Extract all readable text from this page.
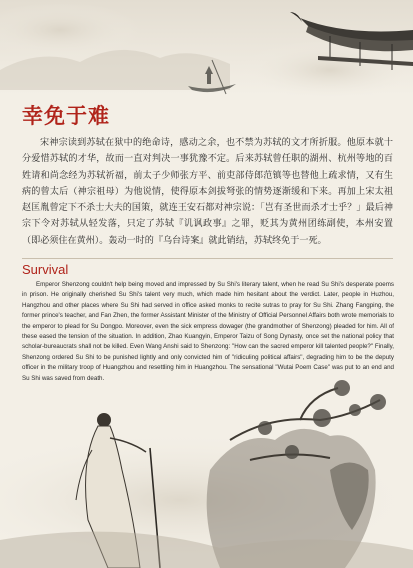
幸免于难
宋神宗读到苏轼在狱中的绝命诗，感动之余，也不禁为苏轼的文才所折服。他原本就十分爱惜苏轼的才华，故而一直对判决一事犹豫不定。后来苏轼曾任职的湖州、杭州等地的百姓请和尚念经为苏轼祈福，前太子少师张方平、前吏部侍郎范镇等也替他上疏求情，又有生病的曾太后（神宗祖母）为他说情，使得原本剑拔弩张的情势逐渐缓和下来。再加上宋太祖赵匡胤曾定下不杀士大夫的国策，就连王安石都对神宗说：「岂有圣世而杀才士乎？」最后神宗下令对苏轼从轻发落，只定了苏轼『讥讽政事』之罪，贬其为黄州团练副使，本州安置（即必须住在黄州）。轰动一时的『乌台诗案』就此销结，苏轼终免于一死。
Survival
Emperor Shenzong couldn't help being moved and impressed by Su Shi's literary talent, when he read Su Shi's desperate poems in prison. He originally cherished Su Shi's talent very much, which made him hesitant about the verdict. Later, people in Huzhou, Hangzhou and other places where Su Shi had served in office asked monks to recite sutras to pray for Su Shi. Zhang Fangping, the former prince's teacher, and Fan Zhen, the former Assistant Minister of the Ministry of Official Personnel Affairs both wrote memorials to the emperor to plead for Su Dongpo. Moreover, even the sick empress dowager (the grandmother of Shenzong) pleaded for him. All of these eased the tension of the situation. In addition, Zhao Kuangyin, Emperor Taizu of Song Dynasty, once set the national policy that scholar-bureaucrats shall not be killed. Even Wang Anshi said to Shenzong: "How can the sacred emperor kill talented people?" Finally, Shenzong ordered Su Shi to be punished lightly and only convicted him of "ridiculing political affairs", degrading him to be the deputy officer in the military troop of Huangzhou and resettling him in Huangzhou. The sensational "Wutai Poem Case" was put to an end and Su Shi was saved from death.
